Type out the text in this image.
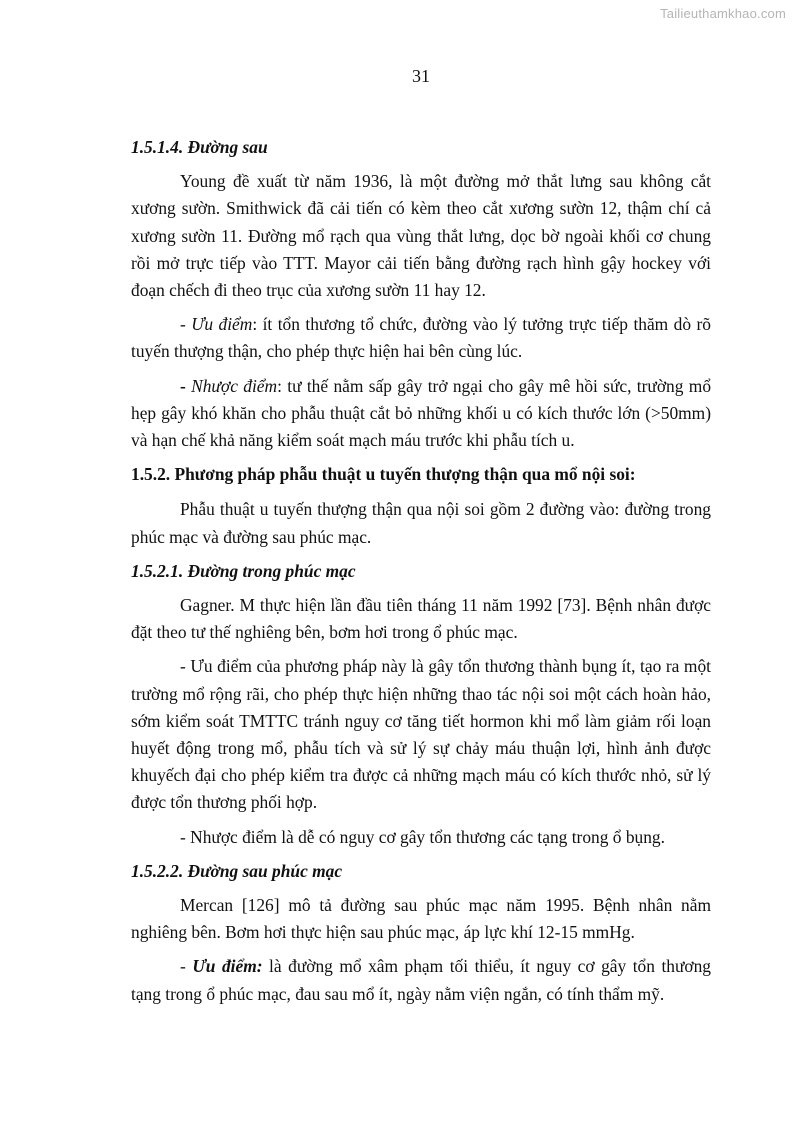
Tailieuthamkhao.com
31

1.5.1.4. Đường sau

Young đề xuất từ năm 1936, là một đường mở thắt lưng sau không cắt xương sườn. Smithwick đã cải tiến có kèm theo cắt xương sườn 12, thậm chí cả xương sườn 11. Đường mổ rạch qua vùng thắt lưng, dọc bờ ngoài khối cơ chung rồi mở trực tiếp vào TTT. Mayor cải tiến bằng đường rạch hình gậy hockey với đoạn chếch đi theo trục của xương sườn 11 hay 12.

- Ưu điểm: ít tổn thương tổ chức, đường vào lý tưởng trực tiếp thăm dò rõ tuyến thượng thận, cho phép thực hiện hai bên cùng lúc.

- Nhược điểm: tư thế nằm sấp gây trở ngại cho gây mê hồi sức, trường mổ hẹp gây khó khăn cho phẫu thuật cắt bỏ những khối u có kích thước lớn (>50mm) và hạn chế khả năng kiểm soát mạch máu trước khi phẫu tích u.

1.5.2. Phương pháp phẫu thuật u tuyến thượng thận qua mổ nội soi:

Phẫu thuật u tuyến thượng thận qua nội soi gồm 2 đường vào: đường trong phúc mạc và đường sau phúc mạc.

1.5.2.1. Đường trong phúc mạc

Gagner. M thực hiện lần đầu tiên tháng 11 năm 1992 [73]. Bệnh nhân được đặt theo tư thế nghiêng bên, bơm hơi trong ổ phúc mạc.

- Ưu điểm của phương pháp này là gây tổn thương thành bụng ít, tạo ra một trường mổ rộng rãi, cho phép thực hiện những thao tác nội soi một cách hoàn hảo, sớm kiểm soát TMTTC tránh nguy cơ tăng tiết hormon khi mổ làm giảm rối loạn huyết động trong mổ, phẫu tích và sử lý sự chảy máu thuận lợi, hình ảnh được khuyếch đại cho phép kiểm tra được cả những mạch máu có kích thước nhỏ, sử lý được tổn thương phối hợp.

- Nhược điểm là dễ có nguy cơ gây tổn thương các tạng trong ổ bụng.

1.5.2.2. Đường sau phúc mạc

Mercan [126] mô tả đường sau phúc mạc năm 1995. Bệnh nhân nằm nghiêng bên. Bơm hơi thực hiện sau phúc mạc, áp lực khí 12-15 mmHg.

- Ưu điểm: là đường mổ xâm phạm tối thiểu, ít nguy cơ gây tổn thương tạng trong ổ phúc mạc, đau sau mổ ít, ngày nằm viện ngắn, có tính thẩm mỹ.
